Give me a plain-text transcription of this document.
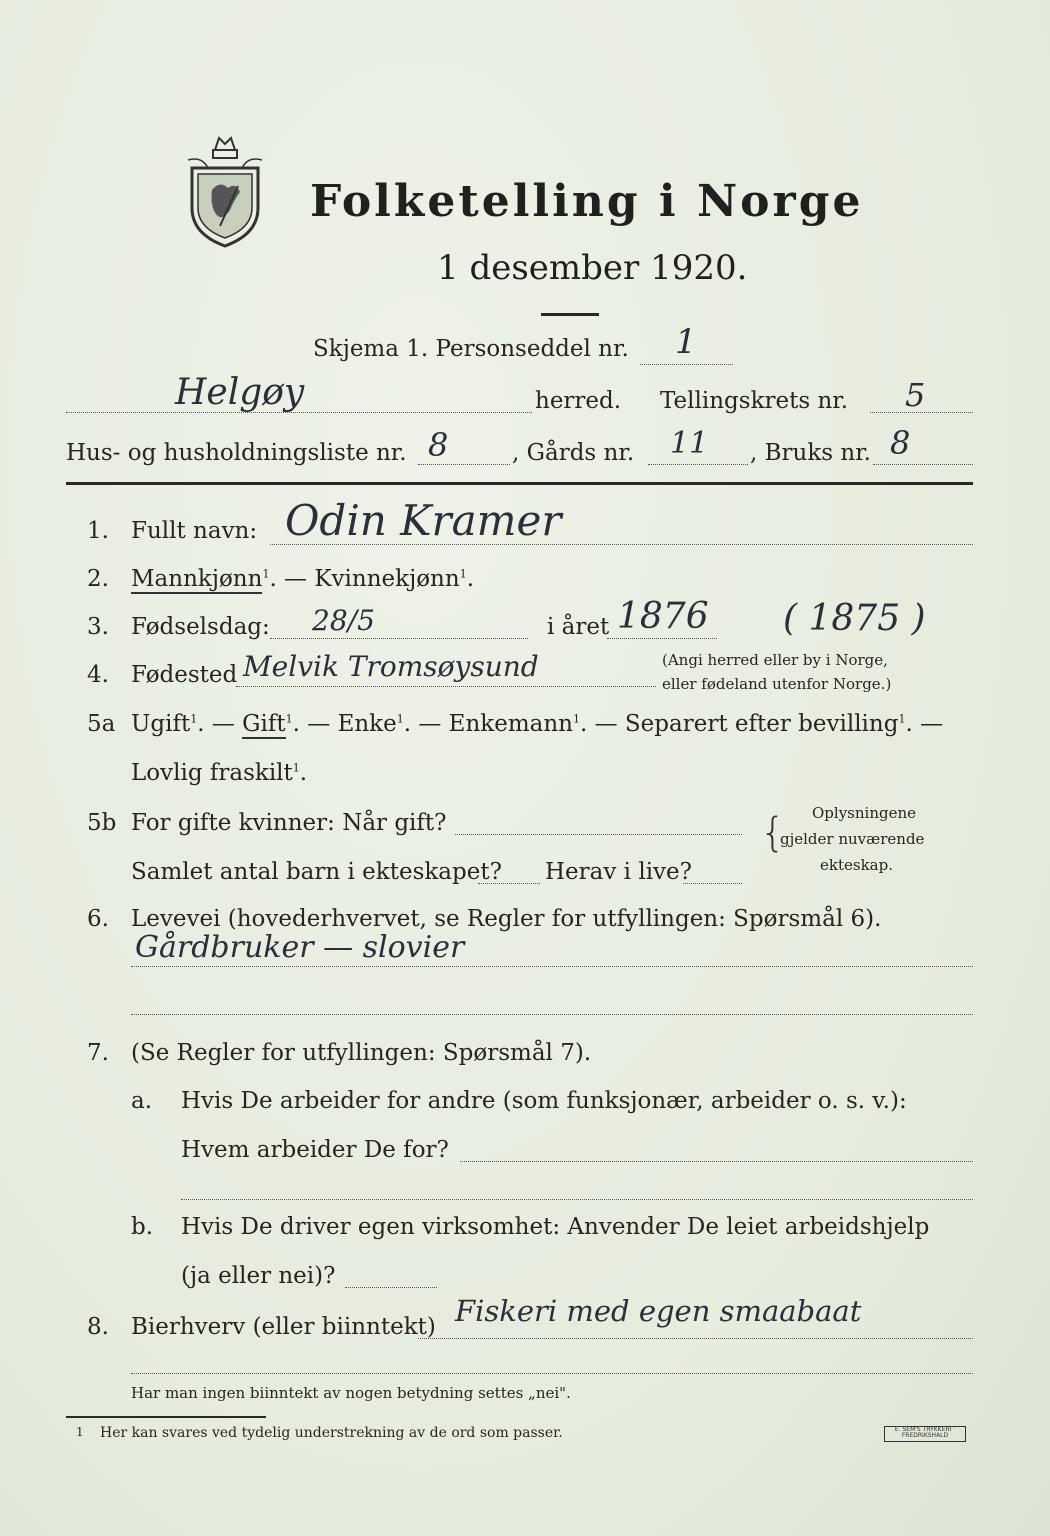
Folketelling i Norge
1 desember 1920.
Skjema 1. Personseddel nr. 1
Helgøy	herred. Tellingskrets nr. 5
Hus- og husholdningsliste nr. 8	, Gårds nr. 11 , Bruks nr. 8
1. Fullt navn: Odin Kramer
2. Mannkjønn$^1$. — Kvinnekjønn$^1$.
3. Fødselsdag: 28/5	i året 1876 ( 1875 )
4. Fødested Melvik Tromsøysund	(Angi herred eller by i Norge,
eller fødeland utenfor Norge.)
5a Ugift$^1$. — Gift$^1$. — Enke$^1$. — Enkemann$^1$. — Separert efter bevilling$^1$. —
Lovlig fraskilt$^1$.
5b For gifte kvinner: Når gift?
Samlet antal barn i ekteskapet? Herav i live?
{ Oplysningene
gjelder nuværende
ekteskap.
6. Levevei (hovederhvervet, se Regler for utfyllingen: Spørsmål 6).
Gårdbruker — slovier
7. (Se Regler for utfyllingen: Spørsmål 7).
a. Hvis De arbeider for andre (som funksjonær, arbeider o. s. v.):
Hvem arbeider De for?
b. Hvis De driver egen virksomhet: Anvender De leiet arbeidshjelp
(ja eller nei)?
8. Bierhverv (eller biinntekt) Fiskeri med egen smaabaat
Har man ingen biinntekt av nogen betydning settes „nei".
1 Her kan svares ved tydelig understrekning av de ord som passer.	E. SEM'S TRYKKERI · FREDRIKSHALD
